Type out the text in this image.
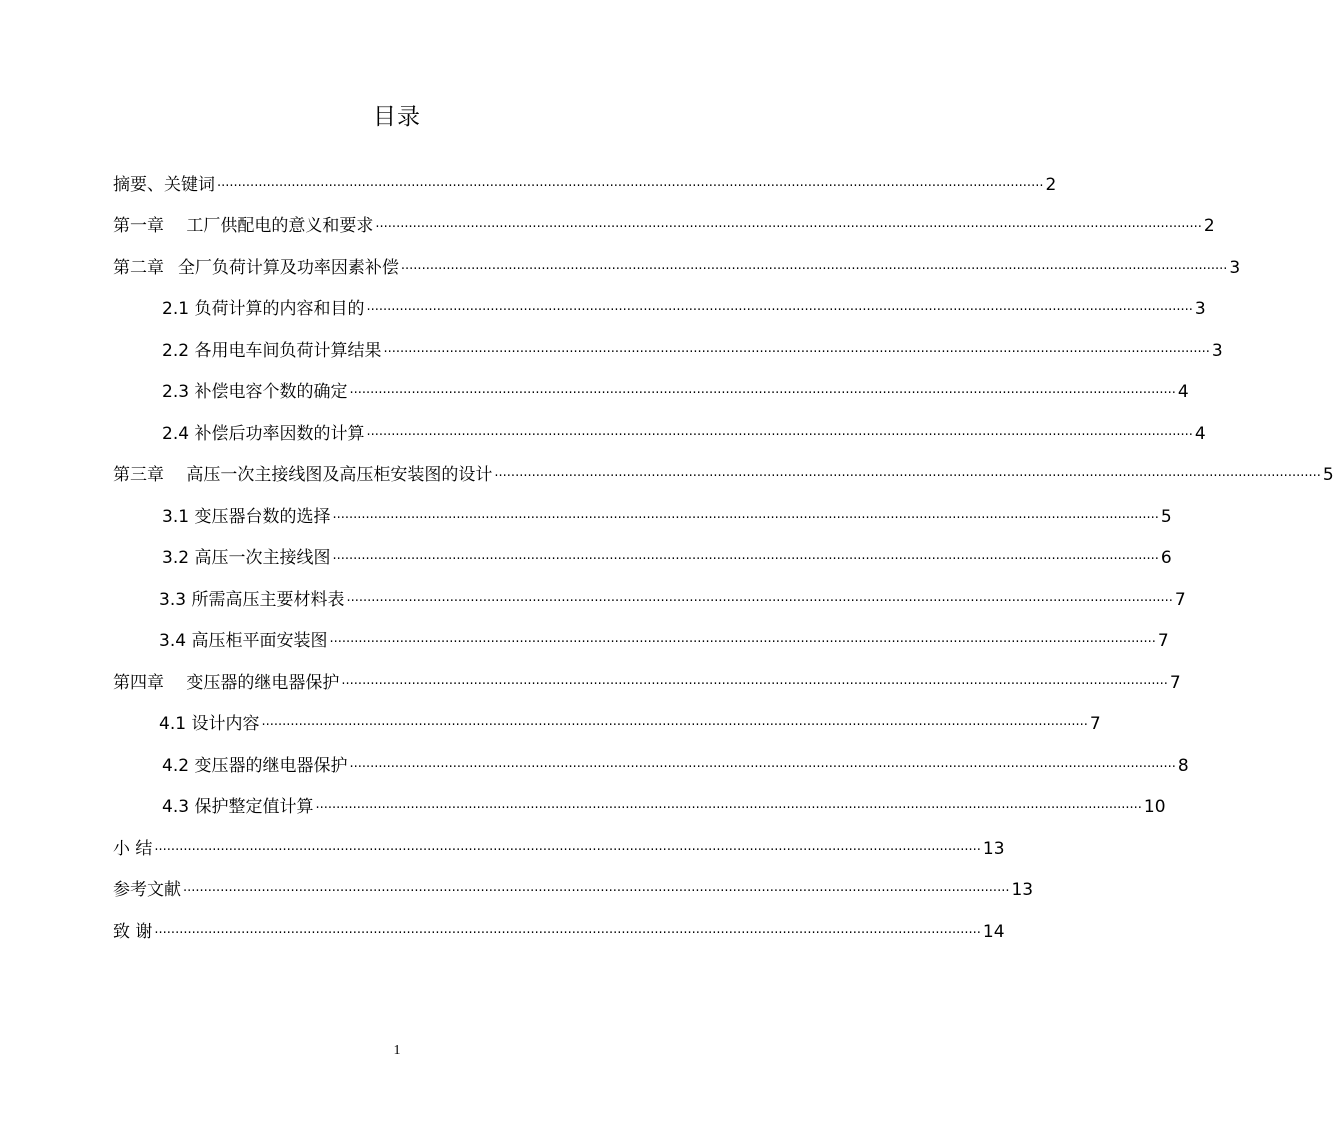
目录
摘要、关键词 ········································································································································································································ 2
第一章  工厂供配电的意义和要求 ········································································································································································································ 2
第二章  全厂负荷计算及功率因素补偿 ········································································································································································································ 3
2.1 负荷计算的内容和目的 ········································································································································································································ 3
2.2 各用电车间负荷计算结果 ········································································································································································································ 3
2.3 补偿电容个数的确定 ········································································································································································································ 4
2.4 补偿后功率因数的计算 ········································································································································································································ 4
第三章  高压一次主接线图及高压柜安装图的设计 ········································································································································································································ 5
3.1 变压器台数的选择 ········································································································································································································ 5
3.2 高压一次主接线图 ········································································································································································································ 6
3.3 所需高压主要材料表 ········································································································································································································ 7
3.4 高压柜平面安装图 ········································································································································································································ 7
第四章  变压器的继电器保护 ········································································································································································································ 7
4.1 设计内容 ········································································································································································································ 7
4.2 变压器的继电器保护 ········································································································································································································ 8
4.3 保护整定值计算 ········································································································································································································ 10
小 结 ········································································································································································································ 13
参考文献 ········································································································································································································ 13
致 谢 ········································································································································································································ 14
1
